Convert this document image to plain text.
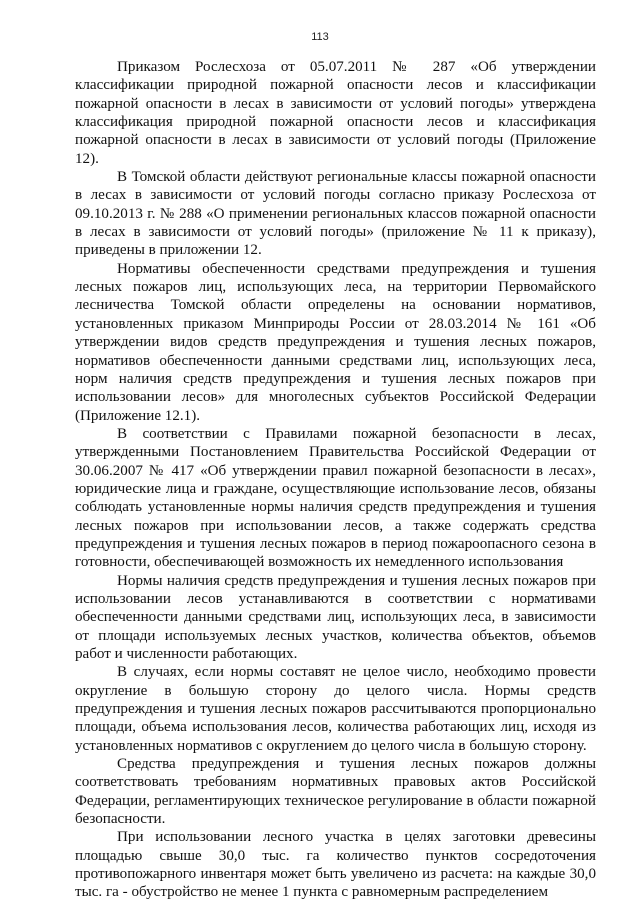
113

Приказом Рослесхоза от 05.07.2011 № 287 «Об утверждении классификации природной пожарной опасности лесов и классификации пожарной опасности в лесах в зависимости от условий погоды» утверждена классификация природной пожарной опасности лесов и классификация пожарной опасности в лесах в зависимости от условий погоды (Приложение 12).

В Томской области действуют региональные классы пожарной опасности в лесах в зависимости от условий погоды согласно приказу Рослесхоза от 09.10.2013 г. № 288 «О применении региональных классов пожарной опасности в лесах в зависимости от условий погоды» (приложение № 11 к приказу), приведены в приложении 12.

Нормативы обеспеченности средствами предупреждения и тушения лесных пожаров лиц, использующих леса, на территории Первомайского лесничества Томской области определены на основании нормативов, установленных приказом Минприроды России от 28.03.2014 № 161 «Об утверждении видов средств предупреждения и тушения лесных пожаров, нормативов обеспеченности данными средствами лиц, использующих леса, норм наличия средств предупреждения и тушения лесных пожаров при использовании лесов» для многолесных субъектов Российской Федерации (Приложение 12.1).

В соответствии с Правилами пожарной безопасности в лесах, утвержденными Постановлением Правительства Российской Федерации от 30.06.2007 № 417 «Об утверждении правил пожарной безопасности в лесах», юридические лица и граждане, осуществляющие использование лесов, обязаны соблюдать установленные нормы наличия средств предупреждения и тушения лесных пожаров при использовании лесов, а также содержать средства предупреждения и тушения лесных пожаров в период пожароопасного сезона в готовности, обеспечивающей возможность их немедленного использования

Нормы наличия средств предупреждения и тушения лесных пожаров при использовании лесов устанавливаются в соответствии с нормативами обеспеченности данными средствами лиц, использующих леса, в зависимости от площади используемых лесных участков, количества объектов, объемов работ и численности работающих.

В случаях, если нормы составят не целое число, необходимо провести округление в большую сторону до целого числа. Нормы средств предупреждения и тушения лесных пожаров рассчитываются пропорционально площади, объема использования лесов, количества работающих лиц, исходя из установленных нормативов с округлением до целого числа в большую сторону.

Средства предупреждения и тушения лесных пожаров должны соответствовать требованиям нормативных правовых актов Российской Федерации, регламентирующих техническое регулирование в области пожарной безопасности.

При использовании лесного участка в целях заготовки древесины площадью свыше 30,0 тыс. га количество пунктов сосредоточения противопожарного инвентаря может быть увеличено из расчета: на каждые 30,0 тыс. га - обустройство не менее 1 пункта с равномерным распределением
